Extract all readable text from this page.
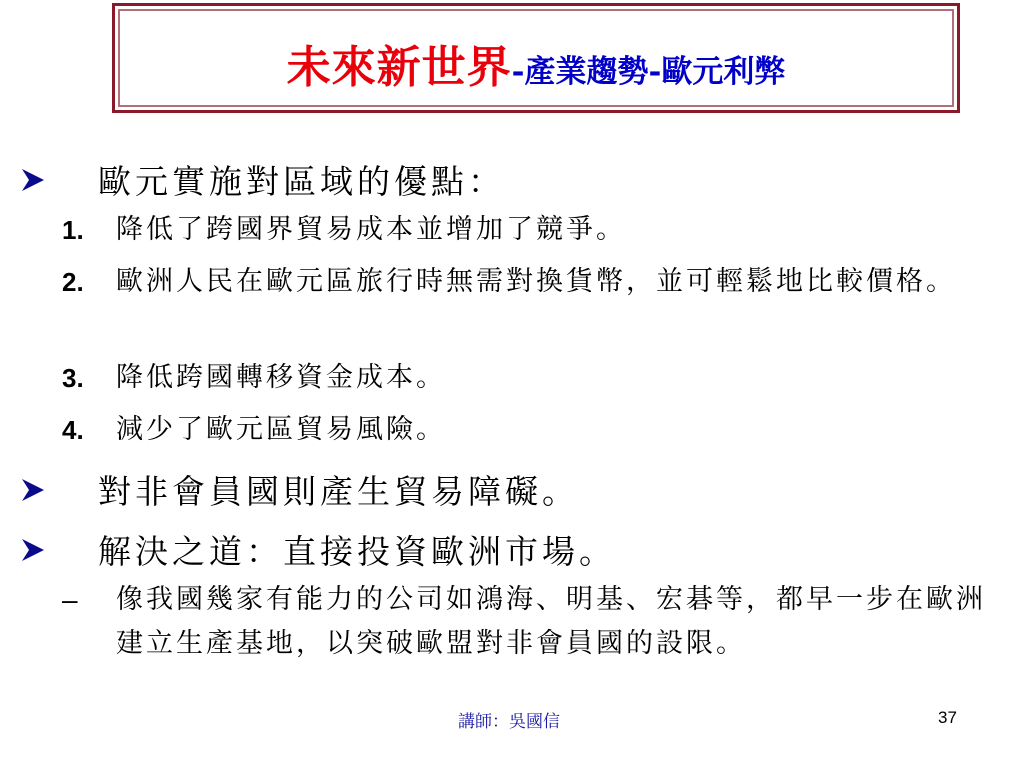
未來新世界-產業趨勢-歐元利弊
歐元實施對區域的優點：
1.	降低了跨國界貿易成本並增加了競爭。
2.	歐洲人民在歐元區旅行時無需對換貨幣，並可輕鬆地比較價格。
3.	降低跨國轉移資金成本。
4.	減少了歐元區貿易風險。
對非會員國則產生貿易障礙。
解決之道：直接投資歐洲市場。
–	像我國幾家有能力的公司如鴻海、明基、宏碁等，都早一步在歐洲建立生產基地，以突破歐盟對非會員國的設限。
講師：吳國信	37
